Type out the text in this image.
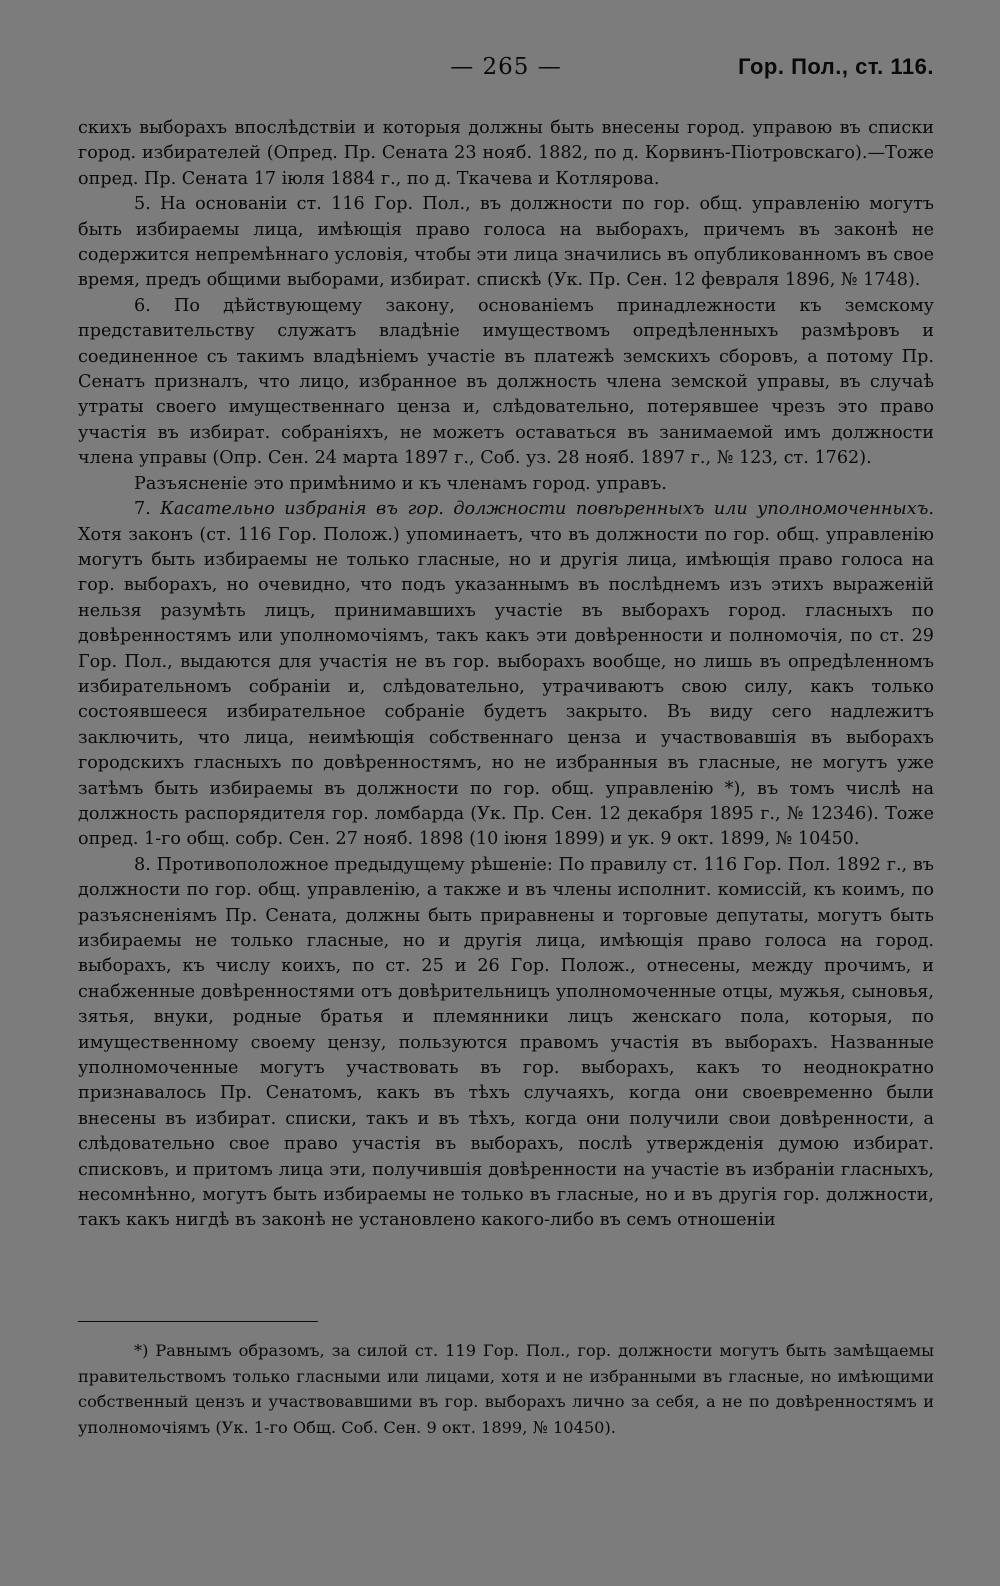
— 265 —	Гор. Пол., ст. 116.

скихъ выборахъ впослѣдствіи и которыя должны быть внесены город. управою въ списки город. избирателей (Опред. Пр. Сената 23 нояб. 1882, по д. Корвинъ-Піотровскаго).—Тоже опред. Пр. Сената 17 іюля 1884 г., по д. Ткачева и Котлярова.

5. На основаніи ст. 116 Гор. Пол., въ должности по гор. общ. управленію могутъ быть избираемы лица, имѣющія право голоса на выборахъ, причемъ въ законѣ не содержится непремѣннаго условія, чтобы эти лица значились въ опубликованномъ въ свое время, предъ общими выборами, избират. спискѣ (Ук. Пр. Сен. 12 февраля 1896, № 1748).

6. По дѣйствующему закону, основаніемъ принадлежности къ земскому представительству служатъ владѣніе имуществомъ опредѣленныхъ размѣровъ и соединенное съ такимъ владѣніемъ участіе въ платежѣ земскихъ сборовъ, а потому Пр. Сенатъ призналъ, что лицо, избранное въ должность члена земской управы, въ случаѣ утраты своего имущественнаго ценза и, слѣдовательно, потерявшее чрезъ это право участія въ избират. собраніяхъ, не можетъ оставаться въ занимаемой имъ должности члена управы (Опр. Сен. 24 марта 1897 г., Соб. уз. 28 нояб. 1897 г., № 123, ст. 1762).

Разъясненіе это примѣнимо и къ членамъ город. управъ.

7. Касательно избранія въ гор. должности повѣренныхъ или уполномоченныхъ. Хотя законъ (ст. 116 Гор. Полож.) упоминаетъ, что въ должности по гор. общ. управленію могутъ быть избираемы не только гласные, но и другія лица, имѣющія право голоса на гор. выборахъ, но очевидно, что подъ указаннымъ въ послѣднемъ изъ этихъ выраженій нельзя разумѣть лицъ, принимавшихъ участіе въ выборахъ город. гласныхъ по довѣренностямъ или уполномочіямъ, такъ какъ эти довѣренности и полномочія, по ст. 29 Гор. Пол., выдаются для участія не въ гор. выборахъ вообще, но лишь въ опредѣленномъ избирательномъ собраніи и, слѣдовательно, утрачиваютъ свою силу, какъ только состоявшееся избирательное собраніе будетъ закрыто. Въ виду сего надлежитъ заключить, что лица, неимѣющія собственнаго ценза и участвовавшія въ выборахъ городскихъ гласныхъ по довѣренностямъ, но не избранныя въ гласные, не могутъ уже затѣмъ быть избираемы въ должности по гор. общ. управленію *), въ томъ числѣ на должность распорядителя гор. ломбарда (Ук. Пр. Сен. 12 декабря 1895 г., № 12346). Тоже опред. 1-го общ. собр. Сен. 27 нояб. 1898 (10 іюня 1899) и ук. 9 окт. 1899, № 10450.

8. Противоположное предыдущему рѣшеніе: По правилу ст. 116 Гор. Пол. 1892 г., въ должности по гор. общ. управленію, а также и въ члены исполнит. комиссій, къ коимъ, по разъясненіямъ Пр. Сената, должны быть приравнены и торговые депутаты, могутъ быть избираемы не только гласные, но и другія лица, имѣющія право голоса на город. выборахъ, къ числу коихъ, по ст. 25 и 26 Гор. Полож., отнесены, между прочимъ, и снабженные довѣренностями отъ довѣрительницъ уполномоченные отцы, мужья, сыновья, зятья, внуки, родные братья и племянники лицъ женскаго пола, которыя, по имущественному своему цензу, пользуются правомъ участія въ выборахъ. Названные уполномоченные могутъ участвовать въ гор. выборахъ, какъ то неоднократно признавалось Пр. Сенатомъ, какъ въ тѣхъ случаяхъ, когда они своевременно были внесены въ избират. списки, такъ и въ тѣхъ, когда они получили свои довѣренности, а слѣдовательно свое право участія въ выборахъ, послѣ утвержденія думою избират. списковъ, и притомъ лица эти, получившія довѣренности на участіе въ избраніи гласныхъ, несомнѣнно, могутъ быть избираемы не только въ гласные, но и въ другія гор. должности, такъ какъ нигдѣ въ законѣ не установлено какого-либо въ семъ отношеніи

*) Равнымъ образомъ, за силой ст. 119 Гор. Пол., гор. должности могутъ быть замѣщаемы правительствомъ только гласными или лицами, хотя и не избранными въ гласные, но имѣющими собственный цензъ и участвовавшими въ гор. выборахъ лично за себя, а не по довѣренностямъ и уполномочіямъ (Ук. 1-го Общ. Соб. Сен. 9 окт. 1899, № 10450).
